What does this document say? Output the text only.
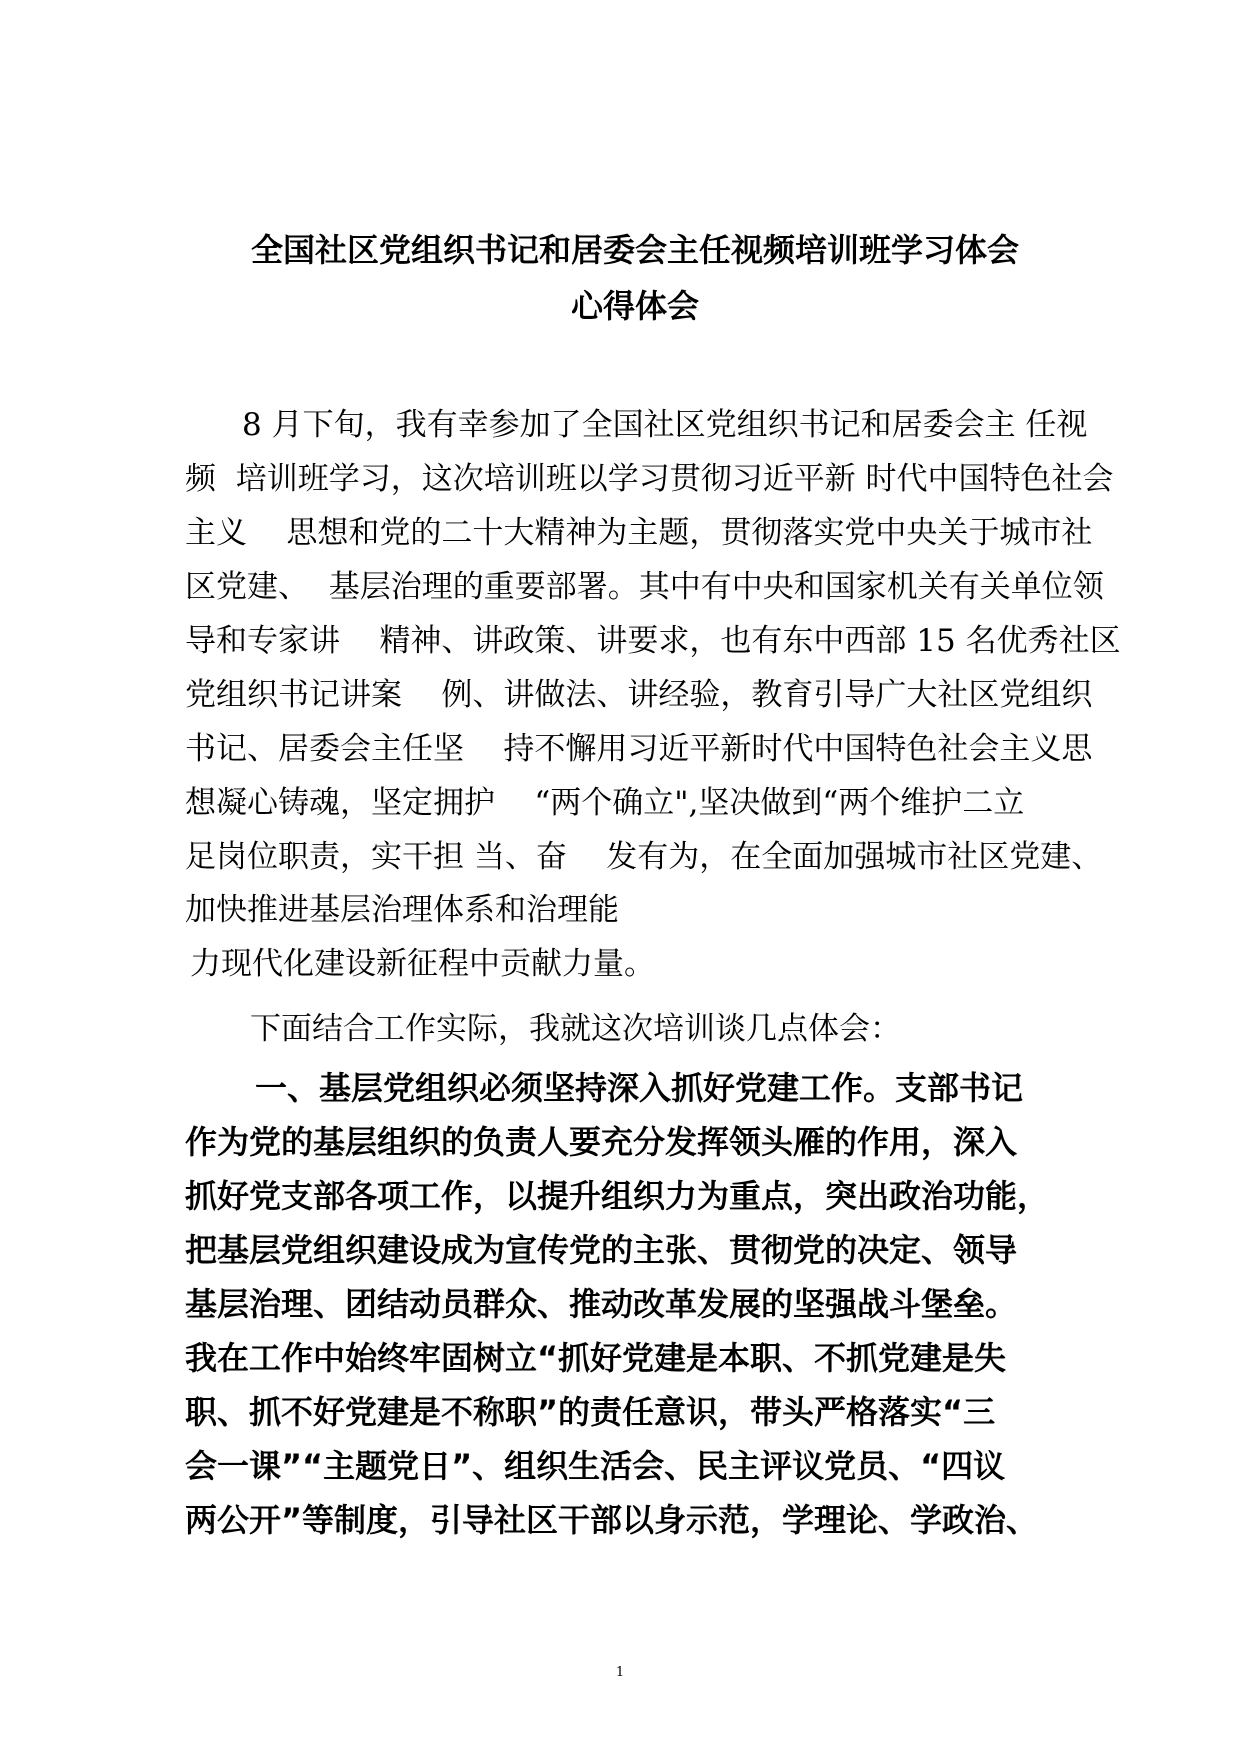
全国社区党组织书记和居委会主任视频培训班学习体会
心得体会

8 月下旬，我有幸参加了全国社区党组织书记和居委会主 任视

频  培训班学习，这次培训班以学习贯彻习近平新 时代中国特色社会

主义    思想和党的二十大精神为主题，贯彻落实党中央关于城市社

区党建、  基层治理的重要部署。其中有中央和国家机关有关单位领

导和专家讲    精神、讲政策、讲要求，也有东中西部 15 名优秀社区

党组织书记讲案    例、讲做法、讲经验，教育引导广大社区党组织

书记、居委会主任坚    持不懈用习近平新时代中国特色社会主义思

想凝心铸魂，坚定拥护    “两个确立",坚决做到“两个维护二立

足岗位职责，实干担 当、奋    发有为，在全面加强城市社区党建、

加快推进基层治理体系和治理能

力现代化建设新征程中贡献力量。

下面结合工作实际，我就这次培训谈几点体会：

一、基层党组织必须坚持深入抓好党建工作。支部书记

作为党的基层组织的负责人要充分发挥领头雁的作用，深入

抓好党支部各项工作，以提升组织力为重点，突出政治功能，

把基层党组织建设成为宣传党的主张、贯彻党的决定、领导

基层治理、团结动员群众、推动改革发展的坚强战斗堡垒。

我在工作中始终牢固树立“抓好党建是本职、不抓党建是失

职、抓不好党建是不称职”的责任意识，带头严格落实“三

会一课”“主题党日”、组织生活会、民主评议党员、“四议

两公开”等制度，引导社区干部以身示范，学理论、学政治、

1
